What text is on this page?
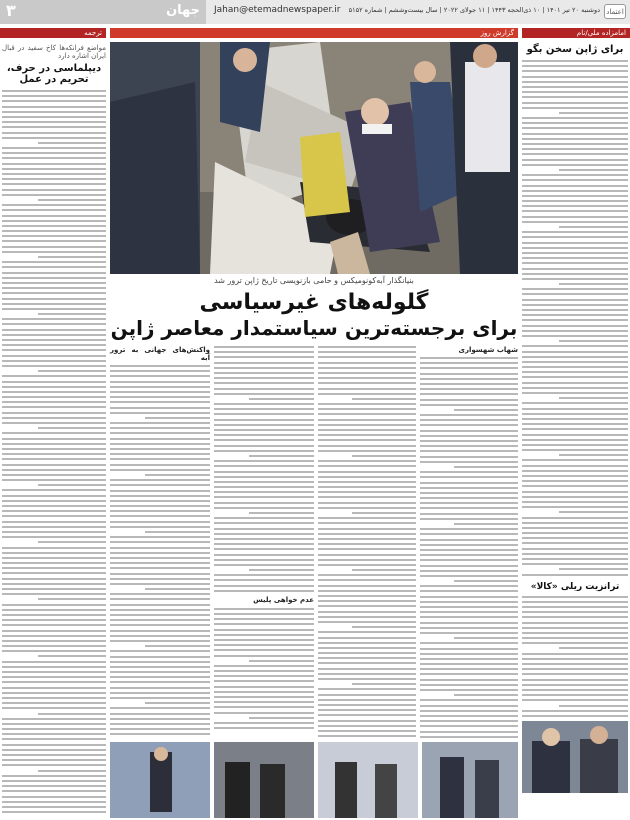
۳	جهان Jahan@etemadnewspaper.ir دوشنبه ۲۰ تیر ۱۴۰۱ | ۱۰ ذی‌الحجه ۱۴۴۳ | ۱۱ جولای ۲۰۲۲ | سال بیست‌وششم | شماره ۵۱۵۲ اعتماد
ترجمه	گزارش روز	امامزاده ملی/نام
مواضع فرانکه‌ها کاخ سفید در قبال ایران اشاره دارد
دیپلماسی در حرف، تحریم در عمل
بنیانگذار آبه‌کونومیکس و حامی بازنویسی تاریخ ژاپن ترور شد
گلوله‌های غیرسیاسی
برای برجسته‌ترین سیاستمدار معاصر ژاپن
شهاب شهسواری
عدم خواهی پلیس
واکنش‌های جهانی به ترور آبه
برای ژاپن سخن بگو
ترانزیت ریلی «کالا»
